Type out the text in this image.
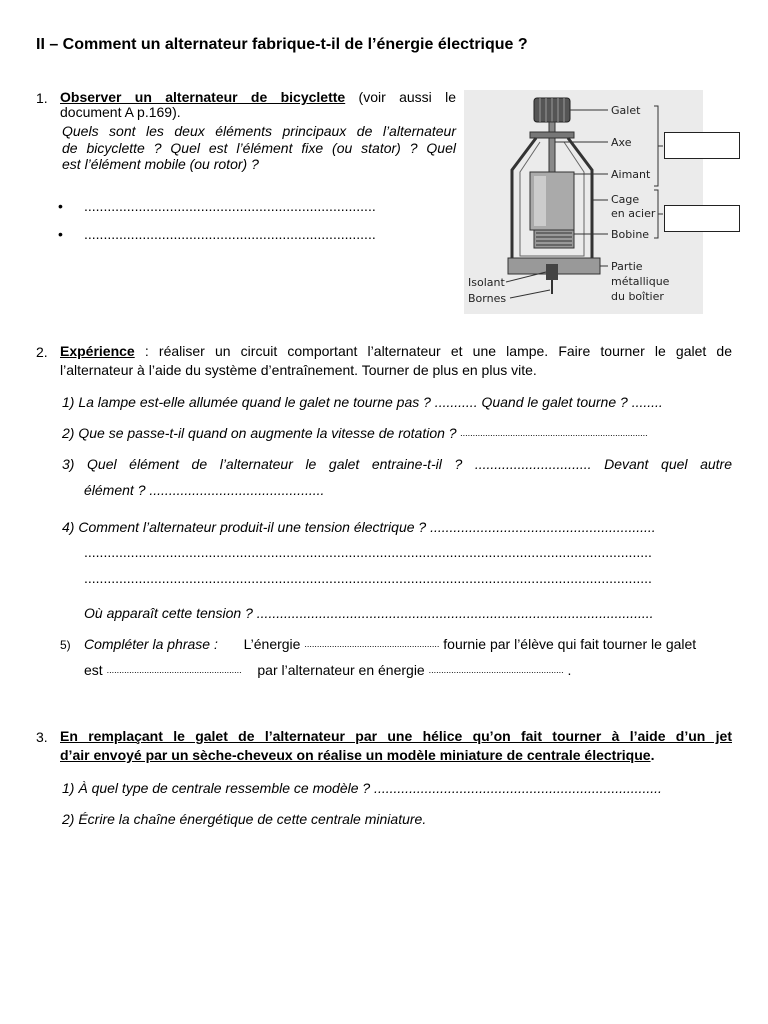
II – Comment un alternateur fabrique-t-il de l’énergie électrique ?
1. Observer un alternateur de bicyclette (voir aussi le
document A p.169).
Quels sont les deux éléments principaux de l’alternateur
de bicyclette ? Quel est l’élément fixe (ou stator) ? Quel
est l’élément mobile (ou rotor) ?
• ...........................................................................
• ...........................................................................
Galet
Axe
Aimant
Cage
en acier
Bobine
Partie
métallique
du boîtier
Isolant
Bornes
2. Expérience : réaliser un circuit comportant l’alternateur et une lampe. Faire tourner le galet de
l’alternateur à l’aide du système d’entraînement. Tourner de plus en plus vite.
1) La lampe est-elle allumée quand le galet ne tourne pas ? ........... Quand le galet tourne ? ........
2) Que se passe-t-il quand on augmente la vitesse de rotation ? ...........................................................................
3) Quel élément de l’alternateur le galet entraine-t-il ? .............................. Devant quel autre
élément ? .............................................
4) Comment l’alternateur produit-il une tension électrique ? ..........................................................
..................................................................................................................................................
..................................................................................................................................................
Où apparaît cette tension ? ......................................................................................................
5) Compléter la phrase : L’énergie ...................................................... fournie par l’élève qui fait tourner le galet
est ...................................................... par l’alternateur en énergie ...................................................... .
3. En remplaçant le galet de l’alternateur par une hélice qu’on fait tourner à l’aide d’un jet
d’air envoyé par un sèche-cheveux on réalise un modèle miniature de centrale électrique.
1) À quel type de centrale ressemble ce modèle ? ..........................................................................
2) Écrire la chaîne énergétique de cette centrale miniature.
